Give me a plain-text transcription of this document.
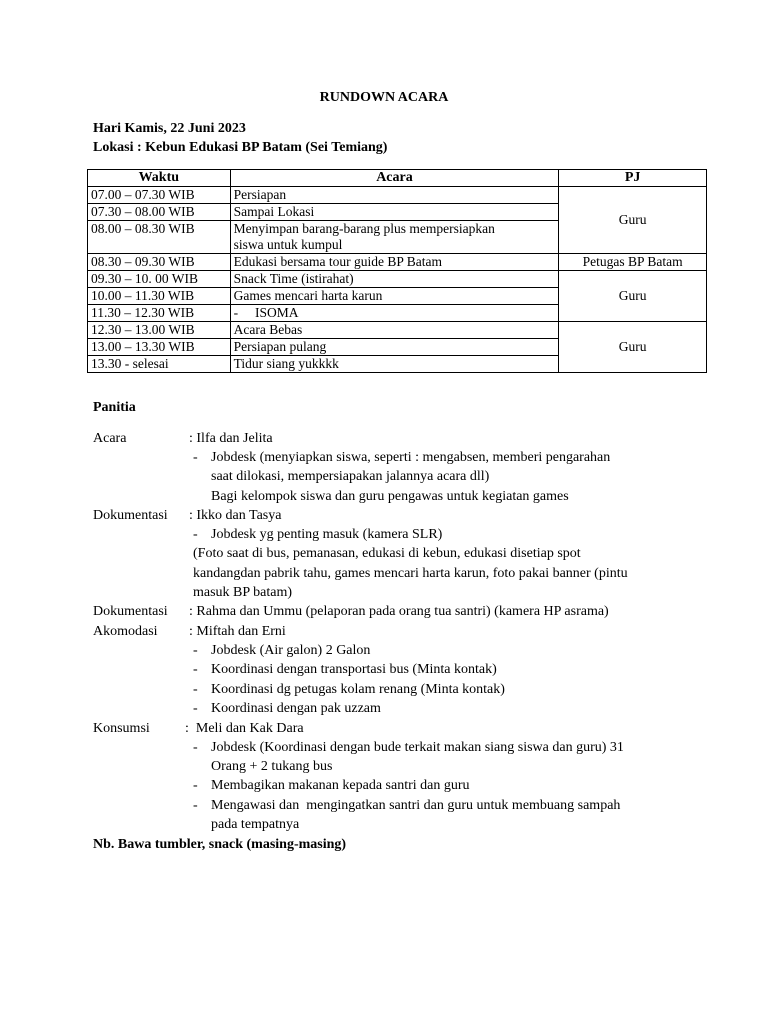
RUNDOWN ACARA
Hari Kamis, 22 Juni 2023
Lokasi : Kebun Edukasi BP Batam (Sei Temiang)
Waktu	Acara	PJ
07.00 – 07.30 WIB	Persiapan	Guru
07.30 – 08.00 WIB	Sampai Lokasi	
08.00 – 08.30 WIB	Menyimpan barang-barang plus mempersiapkan
siswa untuk kumpul	

08.30 – 09.30 WIB	Edukasi bersama tour guide BP Batam	Petugas BP Batam
09.30 – 10. 00 WIB	Snack Time (istirahat)	Guru
10.00 – 11.30 WIB	Games mencari harta karun	
11.30 – 12.30 WIB	-     ISOMA	
12.30 – 13.00 WIB	Acara Bebas	Guru
13.00 – 13.30 WIB	Persiapan pulang	
13.30 - selesai	Tidur siang yukkkk	
Panitia
Acara	: Ilfa dan Jelita
- Jobdesk (menyiapkan siswa, seperti : mengabsen, memberi pengarahan
saat dilokasi, mempersiapakan jalannya acara dll)
Bagi kelompok siswa dan guru pengawas untuk kegiatan games
Dokumentasi : Ikko dan Tasya
- Jobdesk yg penting masuk (kamera SLR)
(Foto saat di bus, pemanasan, edukasi di kebun, edukasi disetiap spot
kandangdan pabrik tahu, games mencari harta karun, foto pakai banner (pintu
masuk BP batam)
Dokumentasi : Rahma dan Ummu (pelaporan pada orang tua santri) (kamera HP asrama)
Akomodasi : Miftah dan Erni
- Jobdesk (Air galon) 2 Galon
- Koordinasi dengan transportasi bus (Minta kontak)
- Koordinasi dg petugas kolam renang (Minta kontak)
- Koordinasi dengan pak uzzam
Konsumsi	:  Meli dan Kak Dara
- Jobdesk (Koordinasi dengan bude terkait makan siang siswa dan guru) 31
Orang + 2 tukang bus
- Membagikan makanan kepada santri dan guru
- Mengawasi dan  mengingatkan santri dan guru untuk membuang sampah
pada tempatnya
Nb. Bawa tumbler, snack (masing-masing)
